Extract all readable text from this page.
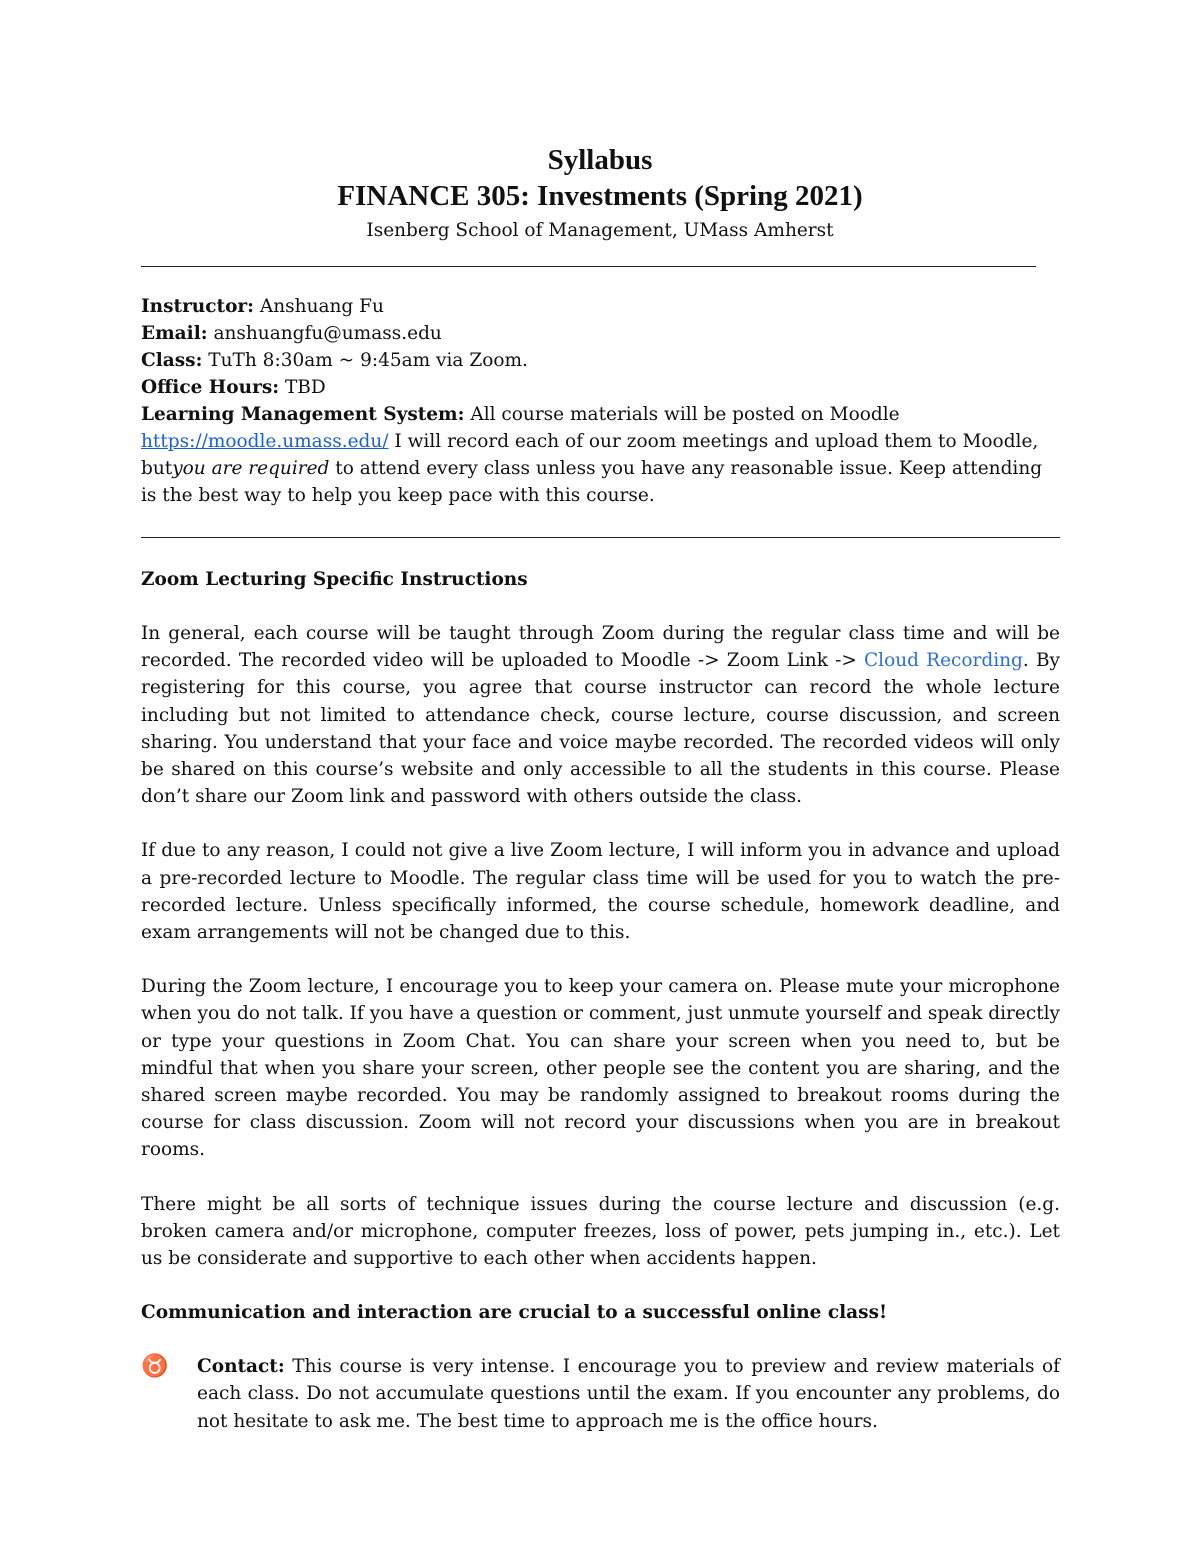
Syllabus
FINANCE 305: Investments (Spring 2021)
Isenberg School of Management, UMass Amherst

Instructor: Anshuang Fu

Email: anshuangfu@umass.edu

Class: TuTh 8:30am ~ 9:45am via Zoom.

Office Hours: TBD

Learning Management System: All course materials will be posted on Moodle https://moodle.umass.edu/ I will record each of our zoom meetings and upload them to Moodle, butyou are required to attend every class unless you have any reasonable issue. Keep attending is the best way to help you keep pace with this course.

Zoom Lecturing Specific Instructions

In general, each course will be taught through Zoom during the regular class time and will be recorded. The recorded video will be uploaded to Moodle -> Zoom Link -> Cloud Recording. By registering for this course, you agree that course instructor can record the whole lecture including but not limited to attendance check, course lecture, course discussion, and screen sharing. You understand that your face and voice maybe recorded. The recorded videos will only be shared on this course’s website and only accessible to all the students in this course. Please don’t share our Zoom link and password with others outside the class.

If due to any reason, I could not give a live Zoom lecture, I will inform you in advance and upload a pre-recorded lecture to Moodle. The regular class time will be used for you to watch the pre-recorded lecture. Unless specifically informed, the course schedule, homework deadline, and exam arrangements will not be changed due to this.

During the Zoom lecture, I encourage you to keep your camera on. Please mute your microphone when you do not talk. If you have a question or comment, just unmute yourself and speak directly or type your questions in Zoom Chat. You can share your screen when you need to, but be mindful that when you share your screen, other people see the content you are sharing, and the shared screen maybe recorded. You may be randomly assigned to breakout rooms during the course for class discussion. Zoom will not record your discussions when you are in breakout rooms.

There might be all sorts of technique issues during the course lecture and discussion (e.g. broken camera and/or microphone, computer freezes, loss of power, pets jumping in., etc.). Let us be considerate and supportive to each other when accidents happen.

Communication and interaction are crucial to a successful online class!
♉	Contact: This course is very intense. I encourage you to preview and review materials of each class. Do not accumulate questions until the exam. If you encounter any problems, do not hesitate to ask me. The best time to approach me is the office hours.
